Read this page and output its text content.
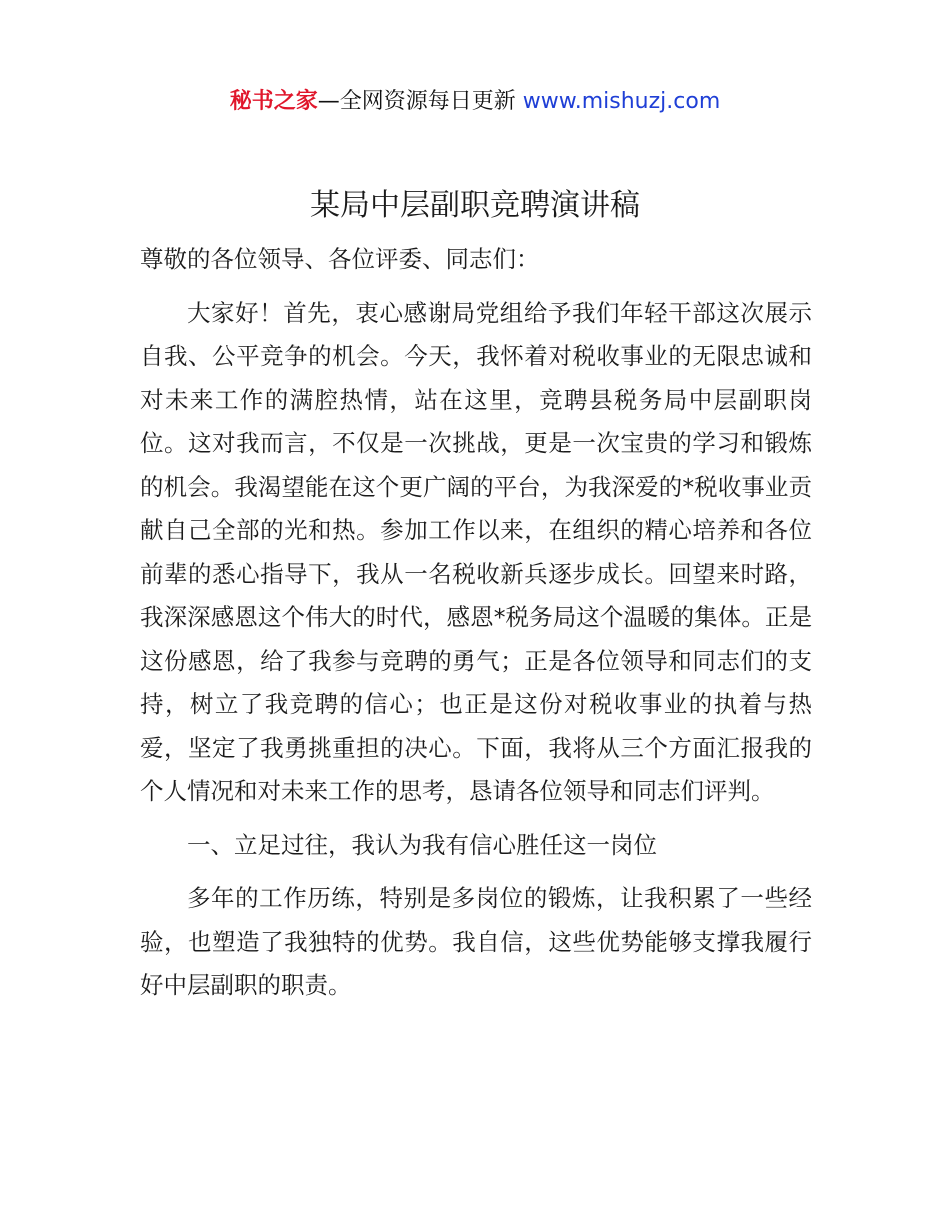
秘书之家—全网资源每日更新 www.mishuzj.com
某局中层副职竞聘演讲稿

尊敬的各位领导、各位评委、同志们：

大家好！首先，衷心感谢局党组给予我们年轻干部这次展示自我、公平竞争的机会。今天，我怀着对税收事业的无限忠诚和对未来工作的满腔热情，站在这里，竞聘县税务局中层副职岗位。这对我而言，不仅是一次挑战，更是一次宝贵的学习和锻炼的机会。我渴望能在这个更广阔的平台，为我深爱的*税收事业贡献自己全部的光和热。参加工作以来，在组织的精心培养和各位前辈的悉心指导下，我从一名税收新兵逐步成长。回望来时路，我深深感恩这个伟大的时代，感恩*税务局这个温暖的集体。正是这份感恩，给了我参与竞聘的勇气；正是各位领导和同志们的支持，树立了我竞聘的信心；也正是这份对税收事业的执着与热爱，坚定了我勇挑重担的决心。下面，我将从三个方面汇报我的个人情况和对未来工作的思考，恳请各位领导和同志们评判。

一、立足过往，我认为我有信心胜任这一岗位

多年的工作历练，特别是多岗位的锻炼，让我积累了一些经验，也塑造了我独特的优势。我自信，这些优势能够支撑我履行好中层副职的职责。
